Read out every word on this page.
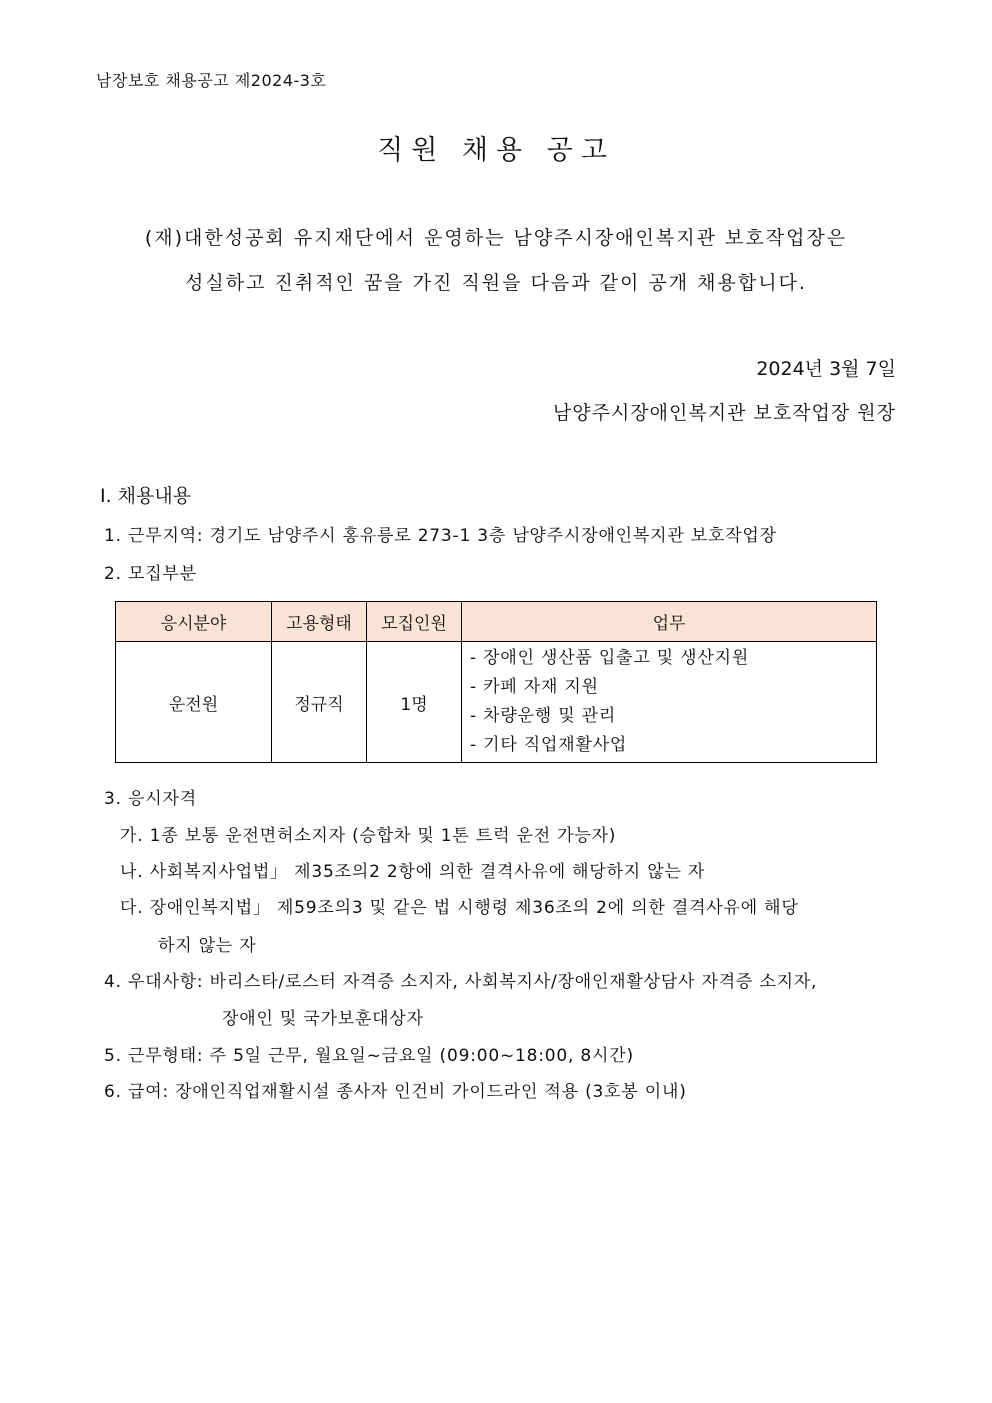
남장보호 채용공고 제2024-3호
직원 채용 공고
(재)대한성공회 유지재단에서 운영하는 남양주시장애인복지관 보호작업장은
성실하고 진취적인 꿈을 가진 직원을 다음과 같이 공개 채용합니다.
2024년 3월 7일
남양주시장애인복지관 보호작업장 원장
Ⅰ. 채용내용
1. 근무지역: 경기도 남양주시 홍유릉로 273-1 3층 남양주시장애인복지관 보호작업장
2. 모집부분
응시분야	고용형태	모집인원	업무
운전원	정규직	1명	- 장애인 생산품 입출고 및 생산지원
- 카페 자재 지원
- 차량운행 및 관리
- 기타 직업재활사업
3. 응시자격
가. 1종 보통 운전면허소지자 (승합차 및 1톤 트럭 운전 가능자)
나. 사회복지사업법」 제35조의2 2항에 의한 결격사유에 해당하지 않는 자
다. 장애인복지법」 제59조의3 및 같은 법 시행령 제36조의 2에 의한 결격사유에 해당
하지 않는 자
4. 우대사항: 바리스타/로스터 자격증 소지자, 사회복지사/장애인재활상담사 자격증 소지자,
장애인 및 국가보훈대상자
5. 근무형태: 주 5일 근무, 월요일~금요일 (09:00~18:00, 8시간)
6. 급여: 장애인직업재활시설 종사자 인건비 가이드라인 적용 (3호봉 이내)
